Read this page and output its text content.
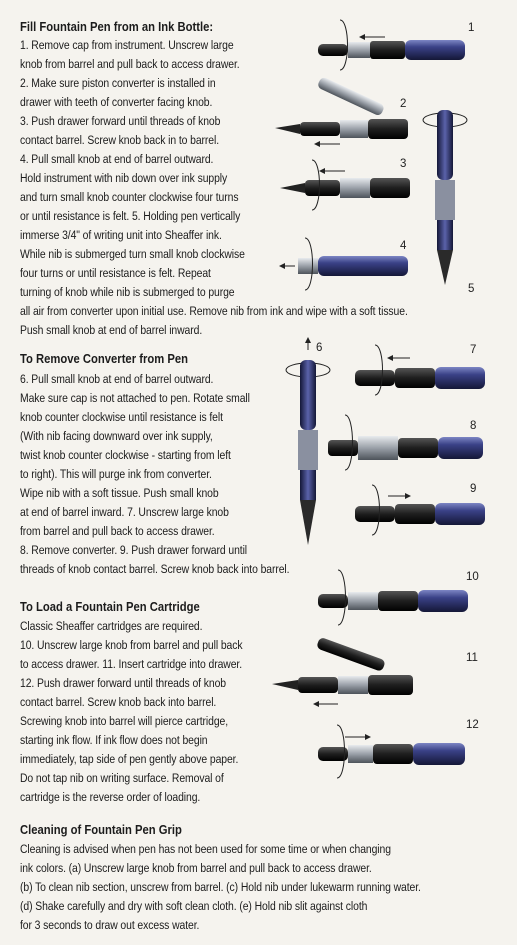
1
2
3
4
5
6	7
8
9
10
11
12
Fill Fountain Pen from an Ink Bottle:
1. Remove cap from instrument. Unscrew large
knob from barrel and pull back to access drawer.
2. Make sure piston converter is installed in
drawer with teeth of converter facing knob.
3. Push drawer forward until threads of knob
contact barrel. Screw knob back in to barrel.
4. Pull small knob at end of barrel outward.
Hold instrument with nib down over ink supply
and turn small knob counter clockwise four turns
or until resistance is felt. 5. Holding pen vertically
immerse 3/4" of writing unit into Sheaffer ink.
While nib is submerged turn small knob clockwise
four turns or until resistance is felt. Repeat
turning of knob while nib is submerged to purge
all air from converter upon initial use. Remove nib from ink and wipe with a soft tissue.
Push small knob at end of barrel inward.
To Remove Converter from Pen
6. Pull small knob at end of barrel outward.
Make sure cap is not attached to pen. Rotate small
knob counter clockwise until resistance is felt
(With nib facing downward over ink supply,
twist knob counter clockwise - starting from left
to right). This will purge ink from converter.
Wipe nib with a soft tissue. Push small knob
at end of barrel inward. 7. Unscrew large knob
from barrel and pull back to access drawer.
8. Remove converter. 9. Push drawer forward until
threads of knob contact barrel. Screw knob back into barrel.
To Load a Fountain Pen Cartridge
Classic Sheaffer cartridges are required.
10. Unscrew large knob from barrel and pull back
to access drawer. 11. Insert cartridge into drawer.
12. Push drawer forward until threads of knob
contact barrel. Screw knob back into barrel.
Screwing knob into barrel will pierce cartridge,
starting ink flow. If ink flow does not begin
immediately, tap side of pen gently above paper.
Do not tap nib on writing surface. Removal of
cartridge is the reverse order of loading.
Cleaning of Fountain Pen Grip
Cleaning is advised when pen has not been used for some time or when changing
ink colors. (a) Unscrew large knob from barrel and pull back to access drawer.
(b) To clean nib section, unscrew from barrel. (c) Hold nib under lukewarm running water.
(d) Shake carefully and dry with soft clean cloth. (e) Hold nib slit against cloth
for 3 seconds to draw out excess water.
